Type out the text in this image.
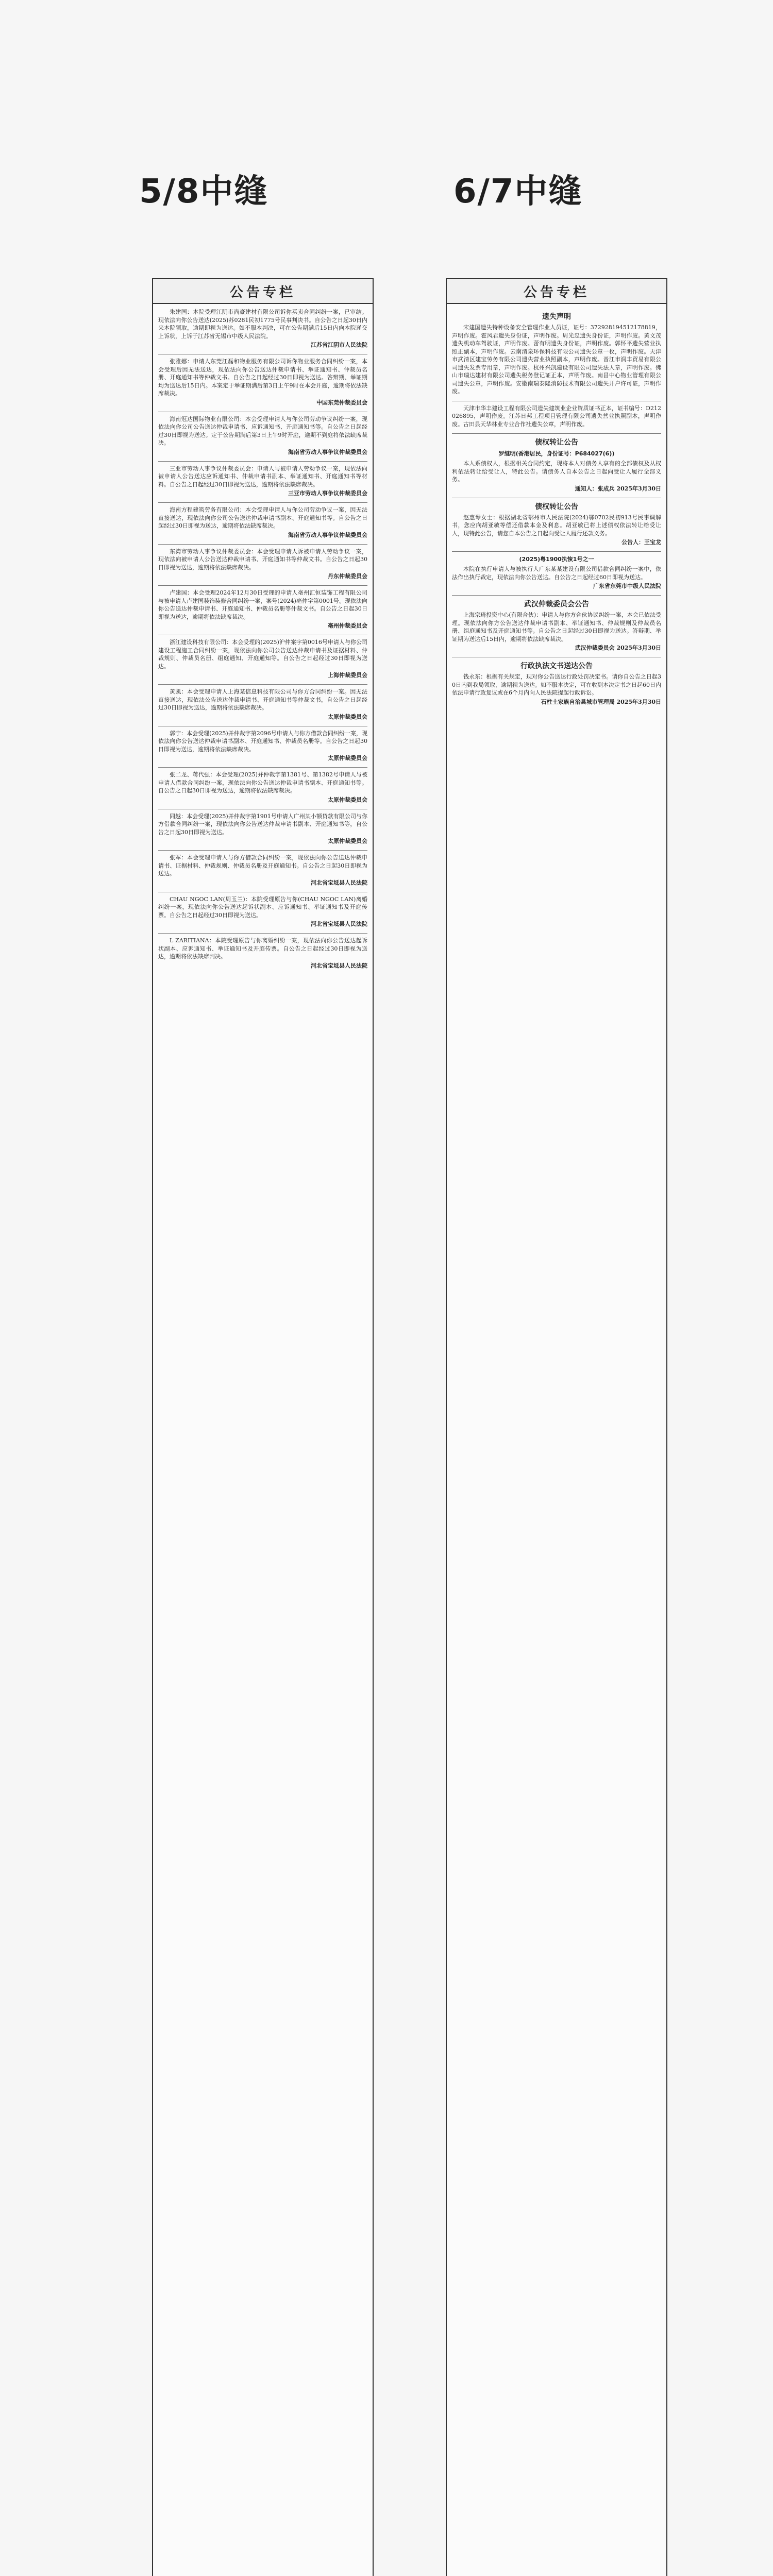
5/8中缝	6/7中缝
公告专栏
朱建国：本院受理江阴市尚豪建材有限公司诉你买卖合同纠纷一案，已审结。现依法向你公告送达(2025)苏0281民初1775号民事判决书。自公告之日起30日内来本院领取，逾期即视为送达。如不服本判决，可在公告期满后15日内向本院递交上诉状，上诉于江苏省无锡市中级人民法院。
江苏省江阴市人民法院
张雅娜：申请人东莞江磊和物业服务有限公司诉你物业服务合同纠纷一案，本会受理后因无法送达，现依法向你公告送达仲裁申请书、举证通知书、仲裁员名册、开庭通知书等仲裁文书。自公告之日起经过30日即视为送达。答辩期、举证期均为送达后15日内。本案定于举证期满后第3日上午9时在本会开庭，逾期将依法缺席裁决。
中国东莞仲裁委员会
海南冠达国际物业有限公司：本会受理申请人与你公司劳动争议纠纷一案，现依法向你公司公告送达仲裁申请书、应诉通知书、开庭通知书等。自公告之日起经过30日即视为送达。定于公告期满后第3日上午9时开庭，逾期不到庭将依法缺席裁决。
海南省劳动人事争议仲裁委员会
三亚市劳动人事争议仲裁委员会：申请人与被申请人劳动争议一案，现依法向被申请人公告送达应诉通知书、仲裁申请书副本、举证通知书、开庭通知书等材料。自公告之日起经过30日即视为送达，逾期将依法缺席裁决。
三亚市劳动人事争议仲裁委员会
海南方程建筑劳务有限公司：本会受理申请人与你公司劳动争议一案，因无法直接送达，现依法向你公司公告送达仲裁申请书副本、开庭通知书等。自公告之日起经过30日即视为送达，逾期将依法缺席裁决。
海南省劳动人事争议仲裁委员会
东湾市劳动人事争议仲裁委员会：本会受理申请人诉被申请人劳动争议一案，现依法向被申请人公告送达仲裁申请书、开庭通知书等仲裁文书。自公告之日起30日即视为送达，逾期将依法缺席裁决。
丹东仲裁委员会
卢建国：本会受理2024年12月30日受理的申请人亳州汇恒装饰工程有限公司与被申请人卢建国装饰装修合同纠纷一案，案号(2024)亳仲字第0001号。现依法向你公告送达仲裁申请书、开庭通知书、仲裁员名册等仲裁文书。自公告之日起30日即视为送达，逾期将依法缺席裁决。
亳州仲裁委员会
浙江建设科技有限公司：本会受理的(2025)沪仲案字第0016号申请人与你公司建设工程施工合同纠纷一案，现依法向你公司公告送达仲裁申请书及证据材料、仲裁规则、仲裁员名册、组庭通知、开庭通知等。自公告之日起经过30日即视为送达。
上海仲裁委员会
黄凯：本会受理申请人上海某信息科技有限公司与你方合同纠纷一案。因无法直接送达，现依法公告送达仲裁申请书、开庭通知书等仲裁文书，自公告之日起经过30日即视为送达，逾期将依法缺席裁决。
太原仲裁委员会
郭宁：本会受理(2025)并仲裁字第2096号申请人与你方借款合同纠纷一案，现依法向你公告送达仲裁申请书副本、开庭通知书、仲裁员名册等。自公告之日起30日即视为送达，逾期将依法缺席裁决。
太原仲裁委员会
张二龙、蒋代强：本会受理(2025)并仲裁字第1381号、第1382号申请人与被申请人借款合同纠纷一案，现依法向你公告送达仲裁申请书副本、开庭通知书等。自公告之日起30日即视为送达，逾期将依法缺席裁决。
太原仲裁委员会
同越：本会受理(2025)并仲裁字第1901号申请人广州某小额贷款有限公司与你方借款合同纠纷一案，现依法向你公告送达仲裁申请书副本、开庭通知书等，自公告之日起30日即视为送达。
太原仲裁委员会
张军：本会受理申请人与你方借款合同纠纷一案，现依法向你公告送达仲裁申请书、证据材料、仲裁规则、仲裁员名册及开庭通知书。自公告之日起30日即视为送达。
河北省宝坻县人民法院
CHAU NGOC LAN(周玉兰)：本院受理原告与你(CHAU NGOC LAN)离婚纠纷一案，现依法向你公告送达起诉状副本、应诉通知书、举证通知书及开庭传票。自公告之日起经过30日即视为送达。
河北省宝坻县人民法院
L ZARITIANA：本院受理原告与你离婚纠纷一案，现依法向你公告送达起诉状副本、应诉通知书、举证通知书及开庭传票。自公告之日起经过30日即视为送达，逾期将依法缺席判决。
河北省宝坻县人民法院
公告专栏
遗失声明
宋建国遗失特种设备安全管理作业人员证，证号：372928194512178819，声明作废。霍风君遗失身份证，声明作废。周光忠遗失身份证，声明作废。黄文茂遗失机动车驾驶证，声明作废。蕾有明遗失身份证，声明作废。郭怀平遗失营业执照正副本，声明作废。云南清泉环保科技有限公司遗失公章一枚，声明作废。天津市武清区建宝劳务有限公司遗失营业执照副本，声明作废。晋江市润丰贸易有限公司遗失发票专用章，声明作废。杭州兴凯建设有限公司遗失法人章，声明作废。佛山市瑞达建材有限公司遗失税务登记证正本，声明作废。南昌中心物业管理有限公司遗失公章，声明作废。安徽南瑞泰隆消防技术有限公司遗失开户许可证，声明作废。
天津市华丰建设工程有限公司遗失建筑业企业资质证书正本，证书编号：D212026895，声明作废。江苏日邦工程项目管理有限公司遗失营业执照副本，声明作废。古田县天华林业专业合作社遗失公章，声明作废。
债权转让公告
罗继明(香港居民，身份证号：P684027(6))
本人系债权人，根据相关合同约定，现将本人对债务人享有的全部债权及从权利依法转让给受让人，特此公告。请债务人自本公告之日起向受让人履行全部义务。
通知人：张成兵 2025年3月30日
债权转让公告
赵惠琴女士：根据湖北省鄂州市人民法院(2024)鄂0702民初913号民事调解书，您应向胡亚敏等偿还借款本金及利息。胡亚敏已将上述债权依法转让给受让人，现特此公告，请您自本公告之日起向受让人履行还款义务。
公告人：王宝龙
(2025)粤1900执恢1号之一
本院在执行申请人与被执行人广东某某建设有限公司借款合同纠纷一案中，依法作出执行裁定，现依法向你公告送达。自公告之日起经过60日即视为送达。
广东省东莞市中级人民法院
武汉仲裁委员会公告
上海宗琦投资中心(有限合伙)：申请人与你方合伙协议纠纷一案，本会已依法受理。现依法向你方公告送达仲裁申请书副本、举证通知书、仲裁规则及仲裁员名册、组庭通知书及开庭通知书等。自公告之日起经过30日即视为送达。答辩期、举证期为送达后15日内，逾期将依法缺席裁决。
武汉仲裁委员会 2025年3月30日
行政执法文书送达公告
钱永东：根据有关规定，现对你公告送达行政处罚决定书。请你自公告之日起30日内到我局领取，逾期视为送达。如不服本决定，可在收到本决定书之日起60日内依法申请行政复议或在6个月内向人民法院提起行政诉讼。
石柱土家族自治县城市管理局 2025年3月30日
